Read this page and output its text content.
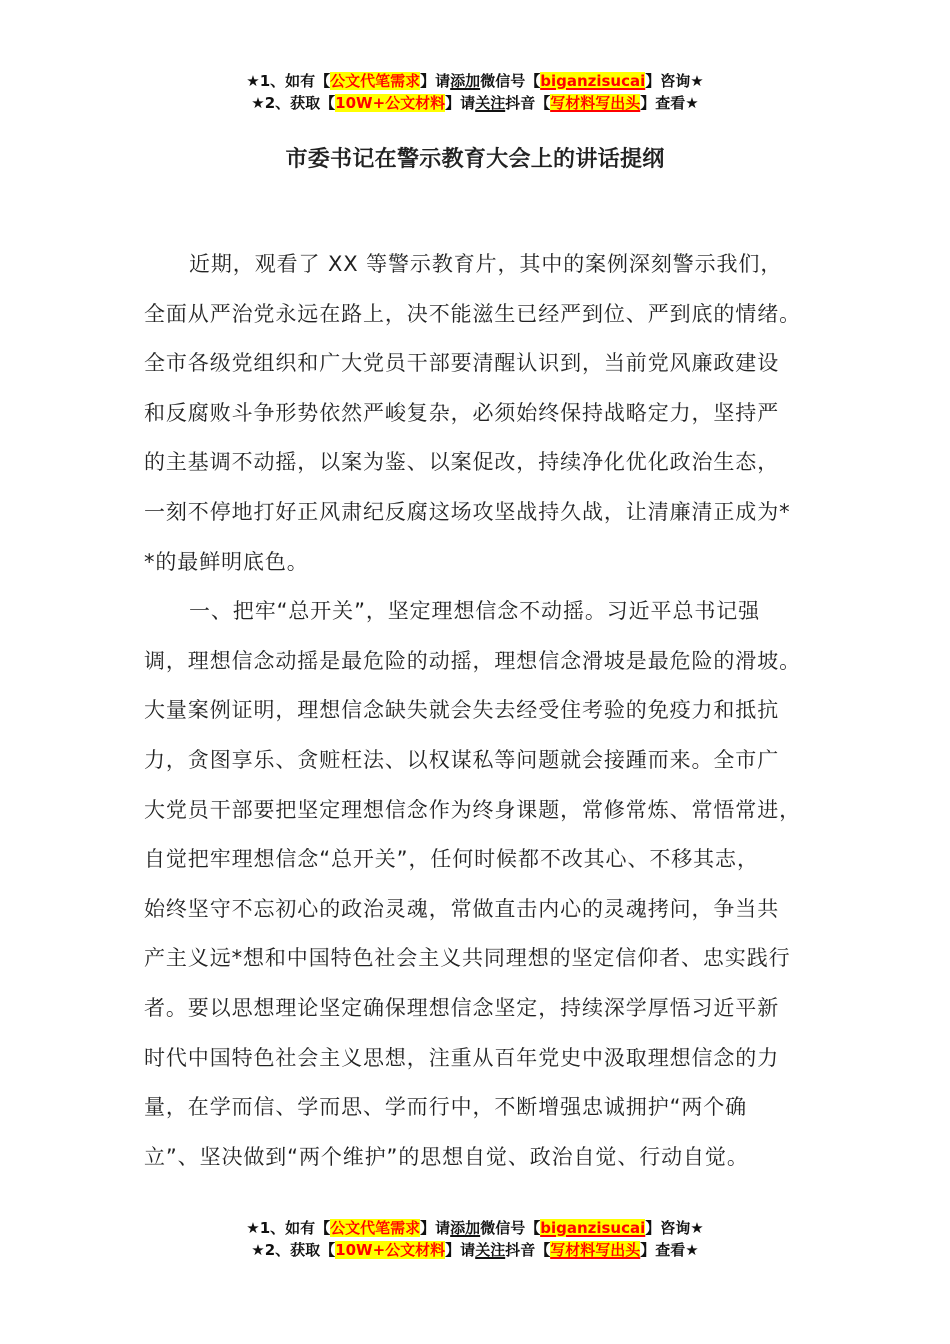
★1、如有【公文代笔需求】请添加微信号【biganzisucai】咨询★
★2、获取【10W+公文材料】请关注抖音【写材料写出头】查看★
市委书记在警示教育大会上的讲话提纲
近期，观看了 XX 等警示教育片，其中的案例深刻警示我们，
全面从严治党永远在路上，决不能滋生已经严到位、严到底的情绪。
全市各级党组织和广大党员干部要清醒认识到，当前党风廉政建设
和反腐败斗争形势依然严峻复杂，必须始终保持战略定力，坚持严
的主基调不动摇，以案为鉴、以案促改，持续净化优化政治生态，
一刻不停地打好正风肃纪反腐这场攻坚战持久战，让清廉清正成为*
*的最鲜明底色。
一、把牢“总开关”，坚定理想信念不动摇。习近平总书记强
调，理想信念动摇是最危险的动摇，理想信念滑坡是最危险的滑坡。
大量案例证明，理想信念缺失就会失去经受住考验的免疫力和抵抗
力，贪图享乐、贪赃枉法、以权谋私等问题就会接踵而来。全市广
大党员干部要把坚定理想信念作为终身课题，常修常炼、常悟常进，
自觉把牢理想信念“总开关”，任何时候都不改其心、不移其志，
始终坚守不忘初心的政治灵魂，常做直击内心的灵魂拷问，争当共
产主义远*想和中国特色社会主义共同理想的坚定信仰者、忠实践行
者。要以思想理论坚定确保理想信念坚定，持续深学厚悟习近平新
时代中国特色社会主义思想，注重从百年党史中汲取理想信念的力
量，在学而信、学而思、学而行中，不断增强忠诚拥护“两个确
立”、坚决做到“两个维护”的思想自觉、政治自觉、行动自觉。
★1、如有【公文代笔需求】请添加微信号【biganzisucai】咨询★
★2、获取【10W+公文材料】请关注抖音【写材料写出头】查看★
